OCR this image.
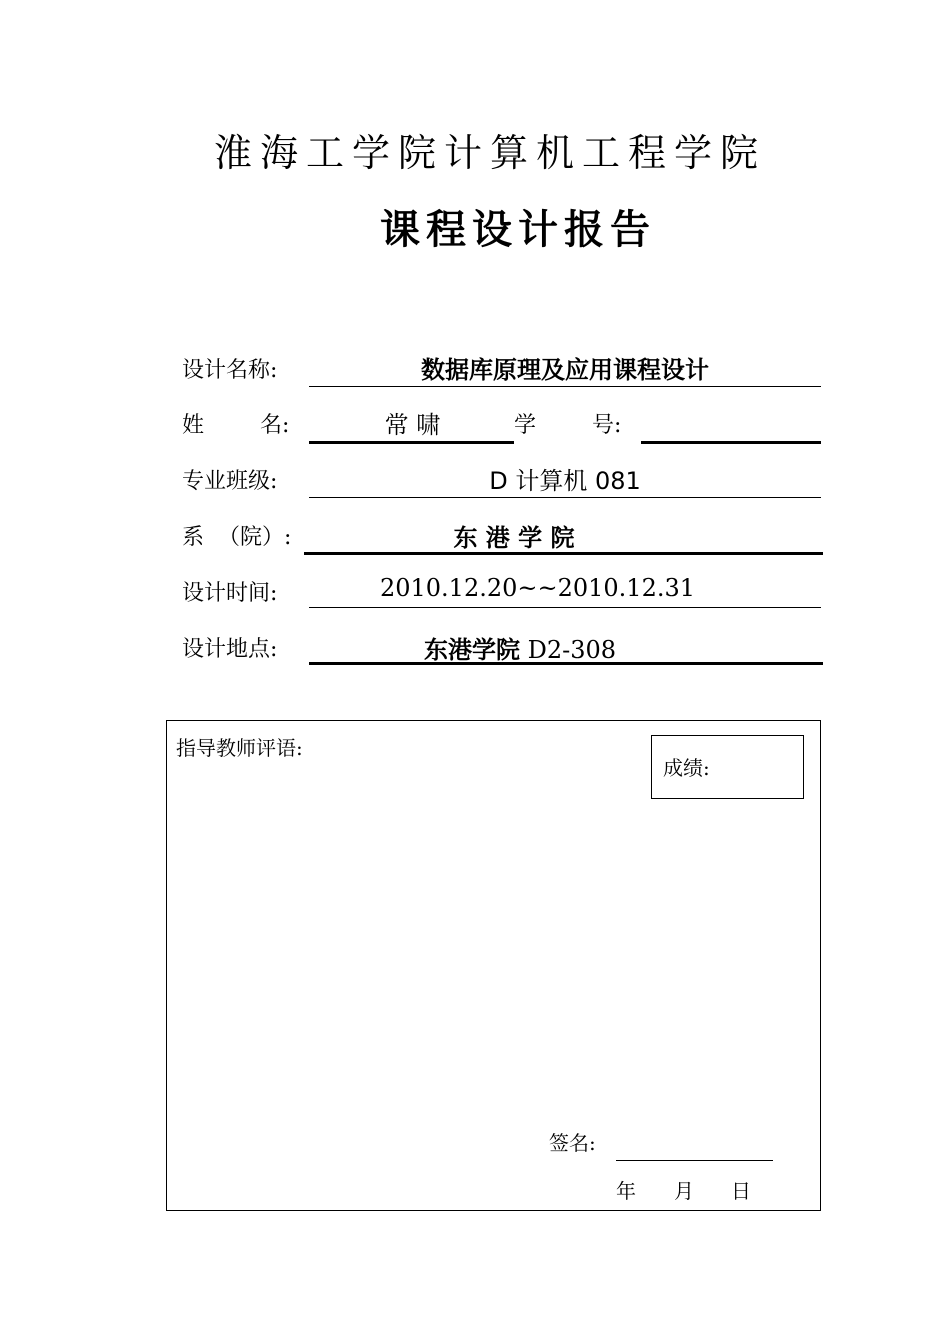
淮海工学院计算机工程学院
课程设计报告
设计名称:	数据库原理及应用课程设计
姓        名:	常 啸	学        号:
专业班级:	D 计算机 081
系  （院）:	东 港 学 院
设计时间:	2010.12.20~~2010.12.31
设计地点:	东港学院 D2-308
指导教师评语:
成绩:
签名:
年 月 日
